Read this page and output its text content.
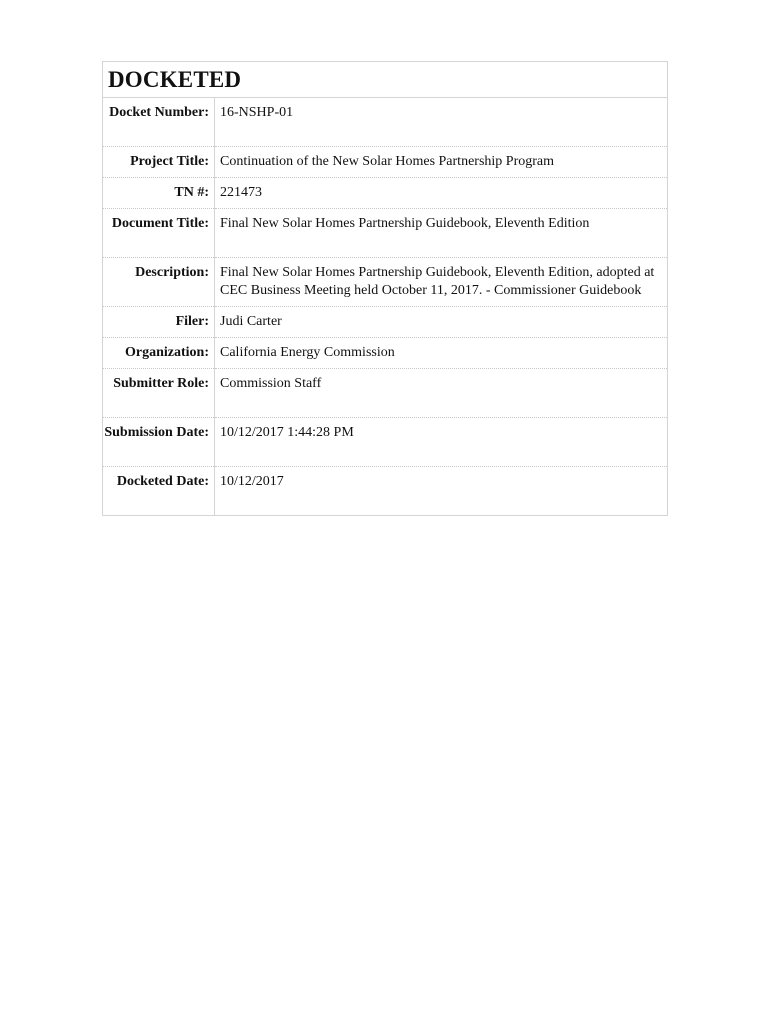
DOCKETED
Docket Number:	16-NSHP-01
Project Title:	Continuation of the New Solar Homes Partnership Program
TN #:	221473
Document Title:	Final New Solar Homes Partnership Guidebook, Eleventh Edition
Description:	Final New Solar Homes Partnership Guidebook, Eleventh Edition, adopted at CEC Business Meeting held October 11, 2017. - Commissioner Guidebook
Filer:	Judi Carter
Organization:	California Energy Commission
Submitter Role:	Commission Staff
Submission Date:	10/12/2017 1:44:28 PM
Docketed Date:	10/12/2017
